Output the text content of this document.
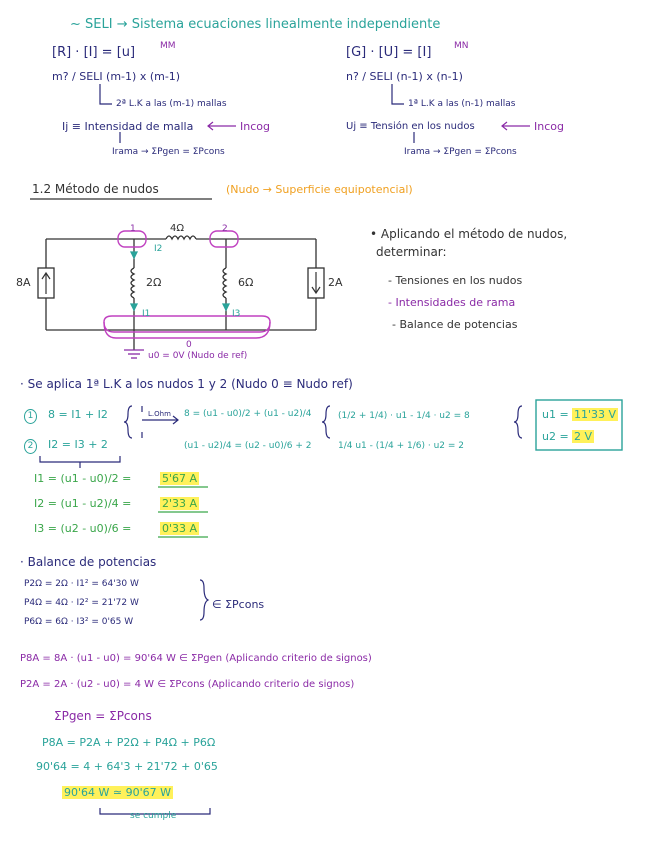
~ SELI → Sistema ecuaciones linealmente independiente
[R] · [I] = [u]	MM
m? / SELI (m-1) x (m-1)
2ª L.K a las (m-1) mallas
Ij ≡ Intensidad de malla	Incog
Irama → ΣPgen = ΣPcons
[G] · [U] = [I]	MN
n? / SELI (n-1) x (n-1)
1ª L.K a las (n-1) mallas
Uj ≡ Tensión en los nudos	Incog
Irama → ΣPgen = ΣPcons
1.2 Método de nudos	(Nudo → Superficie equipotencial)
4Ω
2Ω	6Ω
8A	2A
1	2
0
I1
I2
I3
u0 = 0V (Nudo de ref)
• Aplicando el método de nudos,
determinar:
- Tensiones en los nudos
- Intensidades de rama
- Balance de potencias
· Se aplica 1ª L.K a los nudos 1 y 2 (Nudo 0 ≡ Nudo ref)
1	8 = I1 + I2
2	I2 = I3 + 2
L.Ohm 8 = (u1 - u0)/2 + (u1 - u2)/4
(u1 - u2)/4 = (u2 - u0)/6 + 2
(1/2 + 1/4) · u1 - 1/4 · u2 = 8
1/4 u1 - (1/4 + 1/6) · u2 = 2
u1 = 11'33 V
u2 = 2 V
I1 = (u1 - u0)/2 =	5'67 A
I2 = (u1 - u2)/4 =	2'33 A
I3 = (u2 - u0)/6 =	0'33 A
· Balance de potencias
P2Ω = 2Ω · I1² = 64'30 W
P4Ω = 4Ω · I2² = 21'72 W
P6Ω = 6Ω · I3² = 0'65 W
∈ ΣPcons
P8A = 8A · (u1 - u0) = 90'64 W ∈ ΣPgen (Aplicando criterio de signos)
P2A = 2A · (u2 - u0) = 4 W ∈ ΣPcons (Aplicando criterio de signos)
ΣPgen = ΣPcons
P8A = P2A + P2Ω + P4Ω + P6Ω
90'64 = 4 + 64'3 + 21'72 + 0'65
90'64 W ≃ 90'67 W
se cumple
